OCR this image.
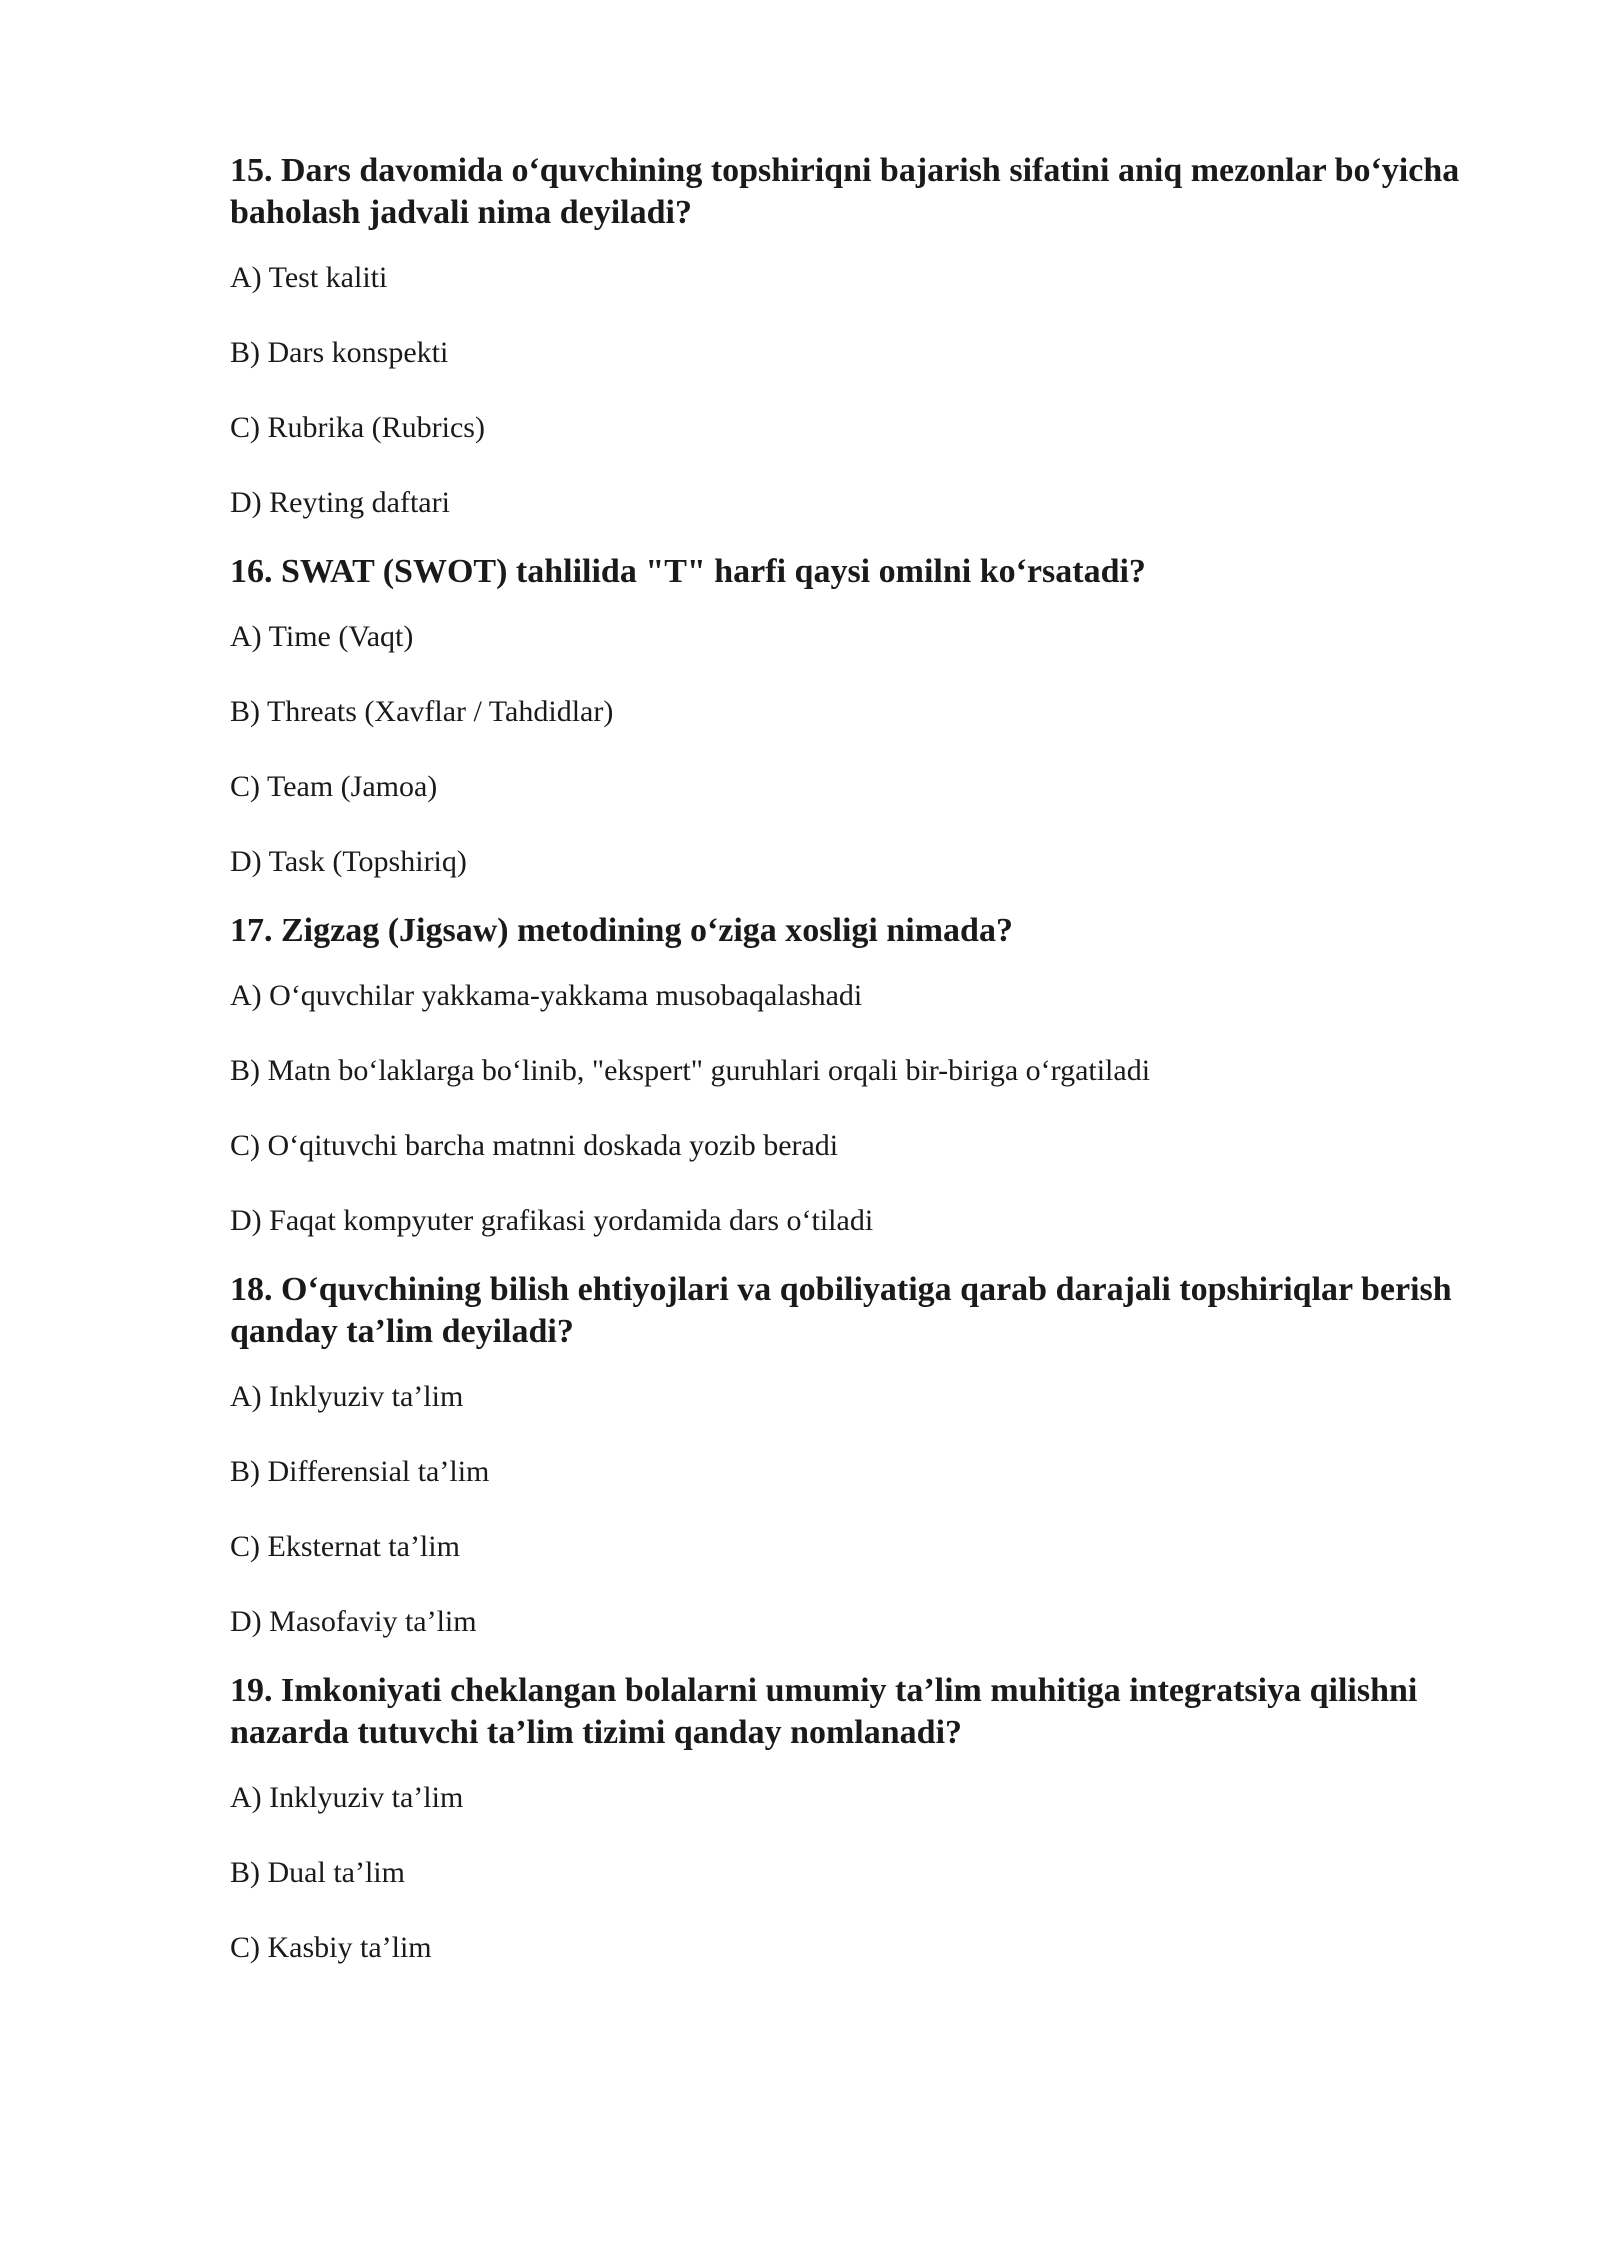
15. Dars davomida o‘quvchining topshiriqni bajarish sifatini aniq mezonlar bo‘yicha baholash jadvali nima deyiladi?

A) Test kaliti

B) Dars konspekti

C) Rubrika (Rubrics)

D) Reyting daftari

16. SWAT (SWOT) tahlilida "T" harfi qaysi omilni ko‘rsatadi?

A) Time (Vaqt)

B) Threats (Xavflar / Tahdidlar)

C) Team (Jamoa)

D) Task (Topshiriq)

17. Zigzag (Jigsaw) metodining o‘ziga xosligi nimada?

A) O‘quvchilar yakkama-yakkama musobaqalashadi

B) Matn bo‘laklarga bo‘linib, "ekspert" guruhlari orqali bir-biriga o‘rgatiladi

C) O‘qituvchi barcha matnni doskada yozib beradi

D) Faqat kompyuter grafikasi yordamida dars o‘tiladi

18. O‘quvchining bilish ehtiyojlari va qobiliyatiga qarab darajali topshiriqlar berish qanday ta’lim deyiladi?

A) Inklyuziv ta’lim

B) Differensial ta’lim

C) Eksternat ta’lim

D) Masofaviy ta’lim

19. Imkoniyati cheklangan bolalarni umumiy ta’lim muhitiga integratsiya qilishni nazarda tutuvchi ta’lim tizimi qanday nomlanadi?

A) Inklyuziv ta’lim

B) Dual ta’lim

C) Kasbiy ta’lim
